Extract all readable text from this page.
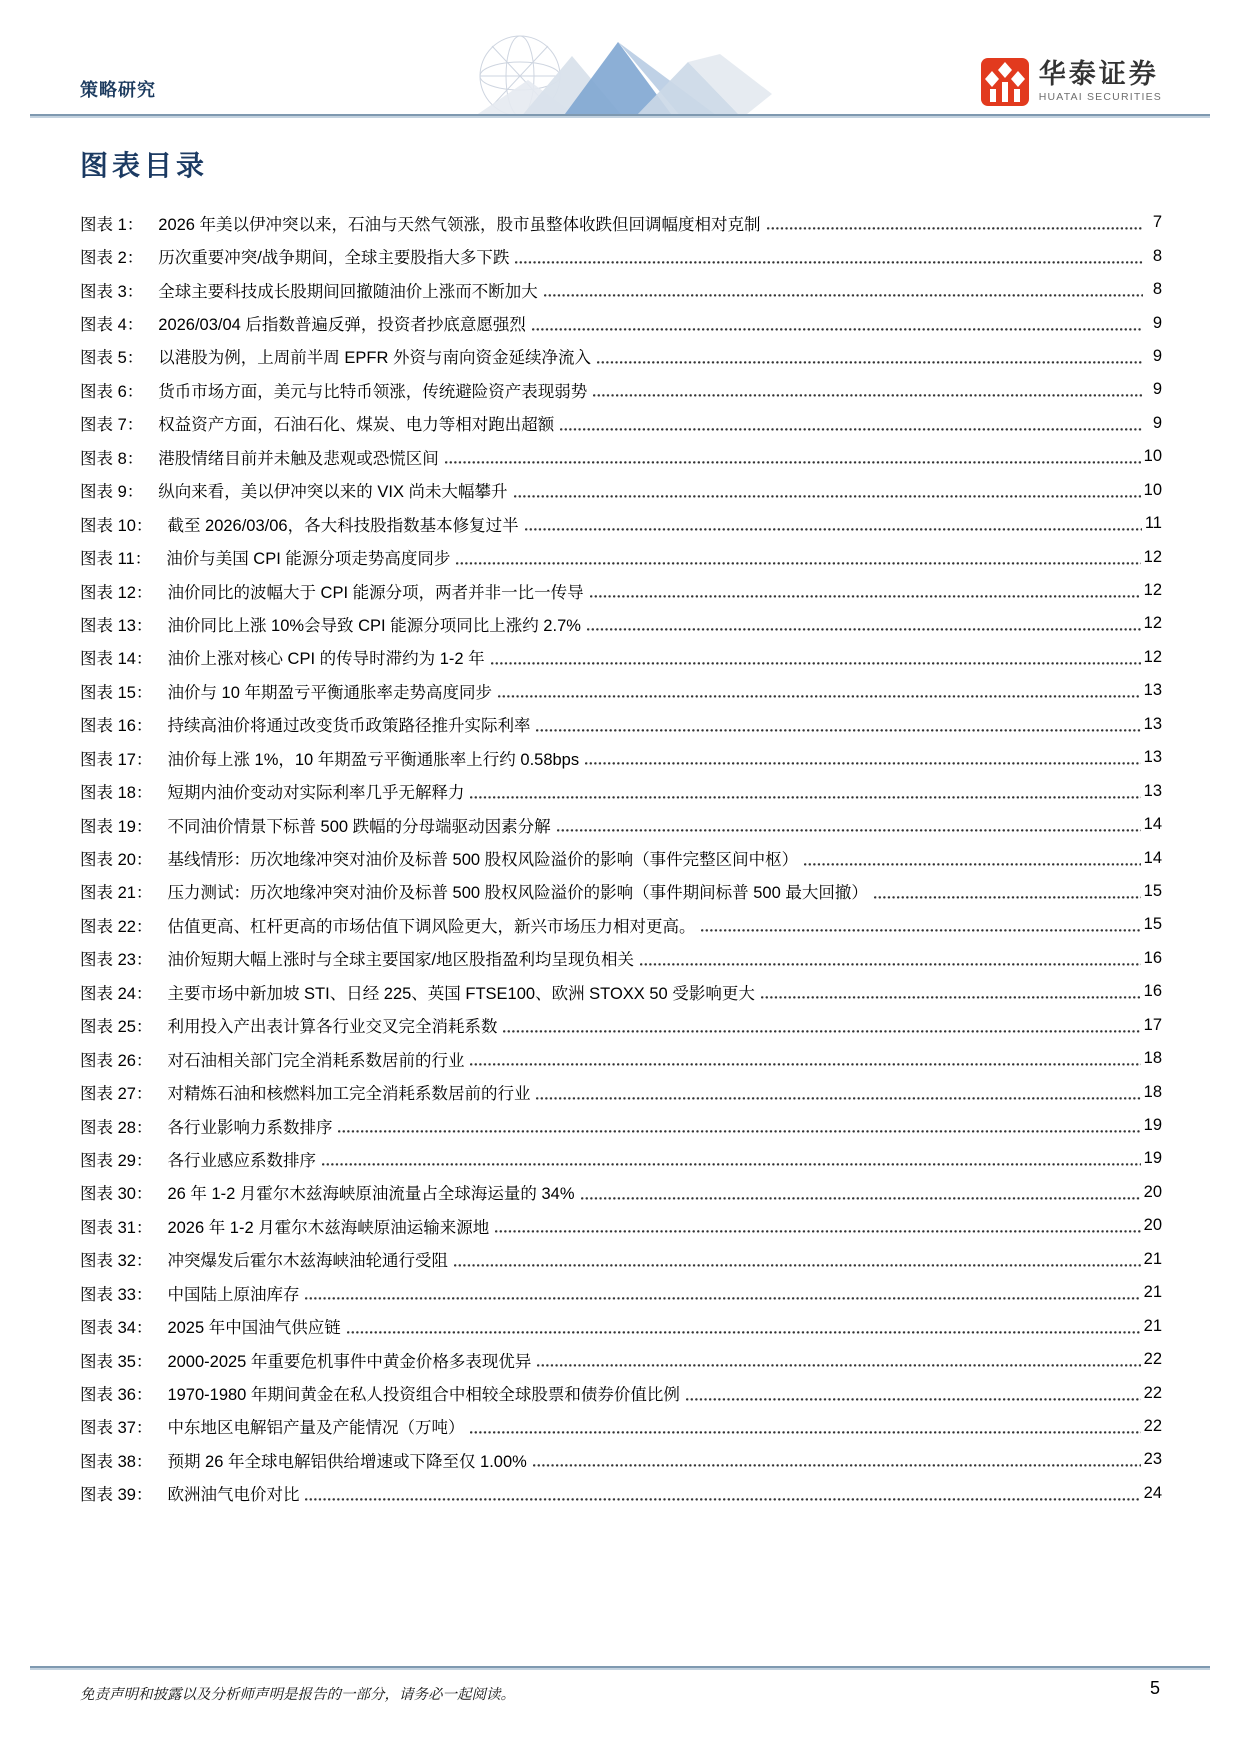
策略研究
华泰证券
HUATAI SECURITIES
图表目录
图表 1： 2026 年美以伊冲突以来，石油与天然气领涨，股市虽整体收跌但回调幅度相对克制	7
图表 2： 历次重要冲突/战争期间，全球主要股指大多下跌	8
图表 3： 全球主要科技成长股期间回撤随油价上涨而不断加大	8
图表 4： 2026/03/04 后指数普遍反弹，投资者抄底意愿强烈	9
图表 5： 以港股为例，上周前半周 EPFR 外资与南向资金延续净流入	9
图表 6： 货币市场方面，美元与比特币领涨，传统避险资产表现弱势	9
图表 7： 权益资产方面，石油石化、煤炭、电力等相对跑出超额	9
图表 8： 港股情绪目前并未触及悲观或恐慌区间	10
图表 9： 纵向来看，美以伊冲突以来的 VIX 尚未大幅攀升	10
图表 10： 截至 2026/03/06，各大科技股指数基本修复过半	11
图表 11： 油价与美国 CPI 能源分项走势高度同步	12
图表 12： 油价同比的波幅大于 CPI 能源分项，两者并非一比一传导	12
图表 13： 油价同比上涨 10%会导致 CPI 能源分项同比上涨约 2.7%	12
图表 14： 油价上涨对核心 CPI 的传导时滞约为 1-2 年	12
图表 15： 油价与 10 年期盈亏平衡通胀率走势高度同步	13
图表 16： 持续高油价将通过改变货币政策路径推升实际利率	13
图表 17： 油价每上涨 1%，10 年期盈亏平衡通胀率上行约 0.58bps	13
图表 18： 短期内油价变动对实际利率几乎无解释力	13
图表 19： 不同油价情景下标普 500 跌幅的分母端驱动因素分解	14
图表 20： 基线情形：历次地缘冲突对油价及标普 500 股权风险溢价的影响（事件完整区间中枢）	14
图表 21： 压力测试：历次地缘冲突对油价及标普 500 股权风险溢价的影响（事件期间标普 500 最大回撤）	15
图表 22： 估值更高、杠杆更高的市场估值下调风险更大，新兴市场压力相对更高。	15
图表 23： 油价短期大幅上涨时与全球主要国家/地区股指盈利均呈现负相关	16
图表 24： 主要市场中新加坡 STI、日经 225、英国 FTSE100、欧洲 STOXX 50 受影响更大	16
图表 25： 利用投入产出表计算各行业交叉完全消耗系数	17
图表 26： 对石油相关部门完全消耗系数居前的行业	18
图表 27： 对精炼石油和核燃料加工完全消耗系数居前的行业	18
图表 28： 各行业影响力系数排序	19
图表 29： 各行业感应系数排序	19
图表 30： 26 年 1-2 月霍尔木兹海峡原油流量占全球海运量的 34%	20
图表 31： 2026 年 1-2 月霍尔木兹海峡原油运输来源地	20
图表 32： 冲突爆发后霍尔木兹海峡油轮通行受阻	21
图表 33： 中国陆上原油库存	21
图表 34： 2025 年中国油气供应链	21
图表 35： 2000-2025 年重要危机事件中黄金价格多表现优异	22
图表 36： 1970-1980 年期间黄金在私人投资组合中相较全球股票和债券价值比例	22
图表 37： 中东地区电解铝产量及产能情况（万吨）	22
图表 38： 预期 26 年全球电解铝供给增速或下降至仅 1.00%	23
图表 39： 欧洲油气电价对比	24
免责声明和披露以及分析师声明是报告的一部分，请务必一起阅读。	5
